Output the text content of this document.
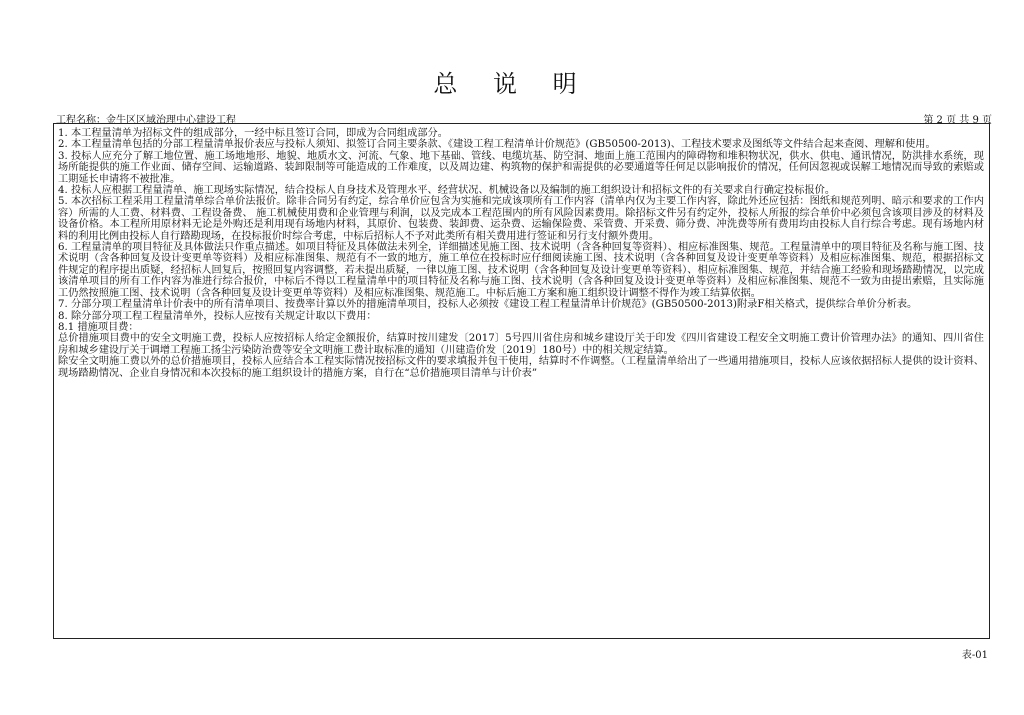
总 说 明
工程名称：金牛区区域治理中心建设工程	第 2 页 共 9 页

1. 本工程量清单为招标文件的组成部分，一经中标且签订合同，即成为合同组成部分。

2. 本工程量清单包括的分部工程量清单报价表应与投标人须知、拟签订合同主要条款、《建设工程工程清单计价规范》(GB50500-2013)、工程技术要求及图纸等文件结合起来查阅、理解和使用。

3. 投标人应充分了解工地位置、施工场地地形、地貌、地质水文、河流、气象、地下基础、管线、电缆坑基、防空洞、地面上施工范围内的障碍物和堆积物状况，供水、供电、通讯情况，防洪排水系统，现场所能提供的施工作业面、储存空间、运输道路、装卸限制等可能造成的工作难度，以及周边建、构筑物的保护和需提供的必要通道等任何足以影响报价的情况，任何因忽视或误解工地情况而导致的索赔或工期延长申请将不被批准。

4. 投标人应根据工程量清单、施工现场实际情况，结合投标人自身技术及管理水平、经营状况、机械设备以及编制的施工组织设计和招标文件的有关要求自行确定投标报价。

5. 本次招标工程采用工程量清单综合单价法报价。除非合同另有约定，综合单价应包含为实施和完成该项所有工作内容（清单内仅为主要工作内容，除此外还应包括：图纸和规范列明、暗示和要求的工作内容）所需的人工费、材料费、工程设备费、 施工机械使用费和企业管理与利润，以及完成本工程范围内的所有风险因素费用。除招标文件另有约定外，投标人所报的综合单价中必须包含该项目涉及的材料及设备价格。本工程所用原材料无论是外购还是利用现有场地内材料，其原价、包装费、装卸费、运杂费、运输保险费、采管费、开采费、筛分费、冲洗费等所有费用均由投标人自行综合考虑。现有场地内材料的利用比例由投标人自行踏勘现场，在投标报价时综合考虑，中标后招标人不予对此类所有相关费用进行签证和另行支付额外费用。

6. 工程量清单的项目特征及具体做法只作重点描述。如项目特征及具体做法未列全，详细描述见施工图、技术说明（含各种回复等资料）、相应标准图集、规范。工程量清单中的项目特征及名称与施工图、技术说明（含各种回复及设计变更单等资料）及相应标准图集、规范有不一致的地方，施工单位在投标时应仔细阅读施工图、技术说明（含各种回复及设计变更单等资料）及相应标准图集、规范，根据招标文件规定的程序提出质疑，经招标人回复后，按照回复内容调整，若未提出质疑，一律以施工图、技术说明（含各种回复及设计变更单等资料）、相应标准图集、规范，并结合施工经验和现场踏勘情况，以完成该清单项目的所有工作内容为准进行综合报价，中标后不得以工程量清单中的项目特征及名称与施工图、技术说明（含各种回复及设计变更单等资料）及相应标准图集、规范不一致为由提出索赔，且实际施工仍然按照施工图、技术说明（含各种回复及设计变更单等资料）及相应标准图集、规范施工。中标后施工方案和施工组织设计调整不得作为竣工结算依据。

7. 分部分项工程量清单计价表中的所有清单项目、按费率计算以外的措施清单项目，投标人必须按《建设工程工程量清单计价规范》(GB50500-2013)附录F相关格式，提供综合单价分析表。

8. 除分部分项工程工程量清单外，投标人应按有关规定计取以下费用：

8.1 措施项目费：

总价措施项目费中的安全文明施工费，投标人应按招标人给定金额报价，结算时按川建发〔2017〕5号四川省住房和城乡建设厅关于印发《四川省建设工程安全文明施工费计价管理办法》的通知、四川省住房和城乡建设厅关于调增工程施工扬尘污染防治费等安全文明施工费计取标准的通知（川建造价发〔2019〕180号）中的相关规定结算。

除安全文明施工费以外的总价措施项目，投标人应结合本工程实际情况按招标文件的要求填报并包干使用，结算时不作调整。（工程量清单给出了一些通用措施项目，投标人应该依据招标人提供的设计资料、现场踏勘情况、企业自身情况和本次投标的施工组织设计的措施方案，自行在“总价措施项目清单与计价表”

表-01
